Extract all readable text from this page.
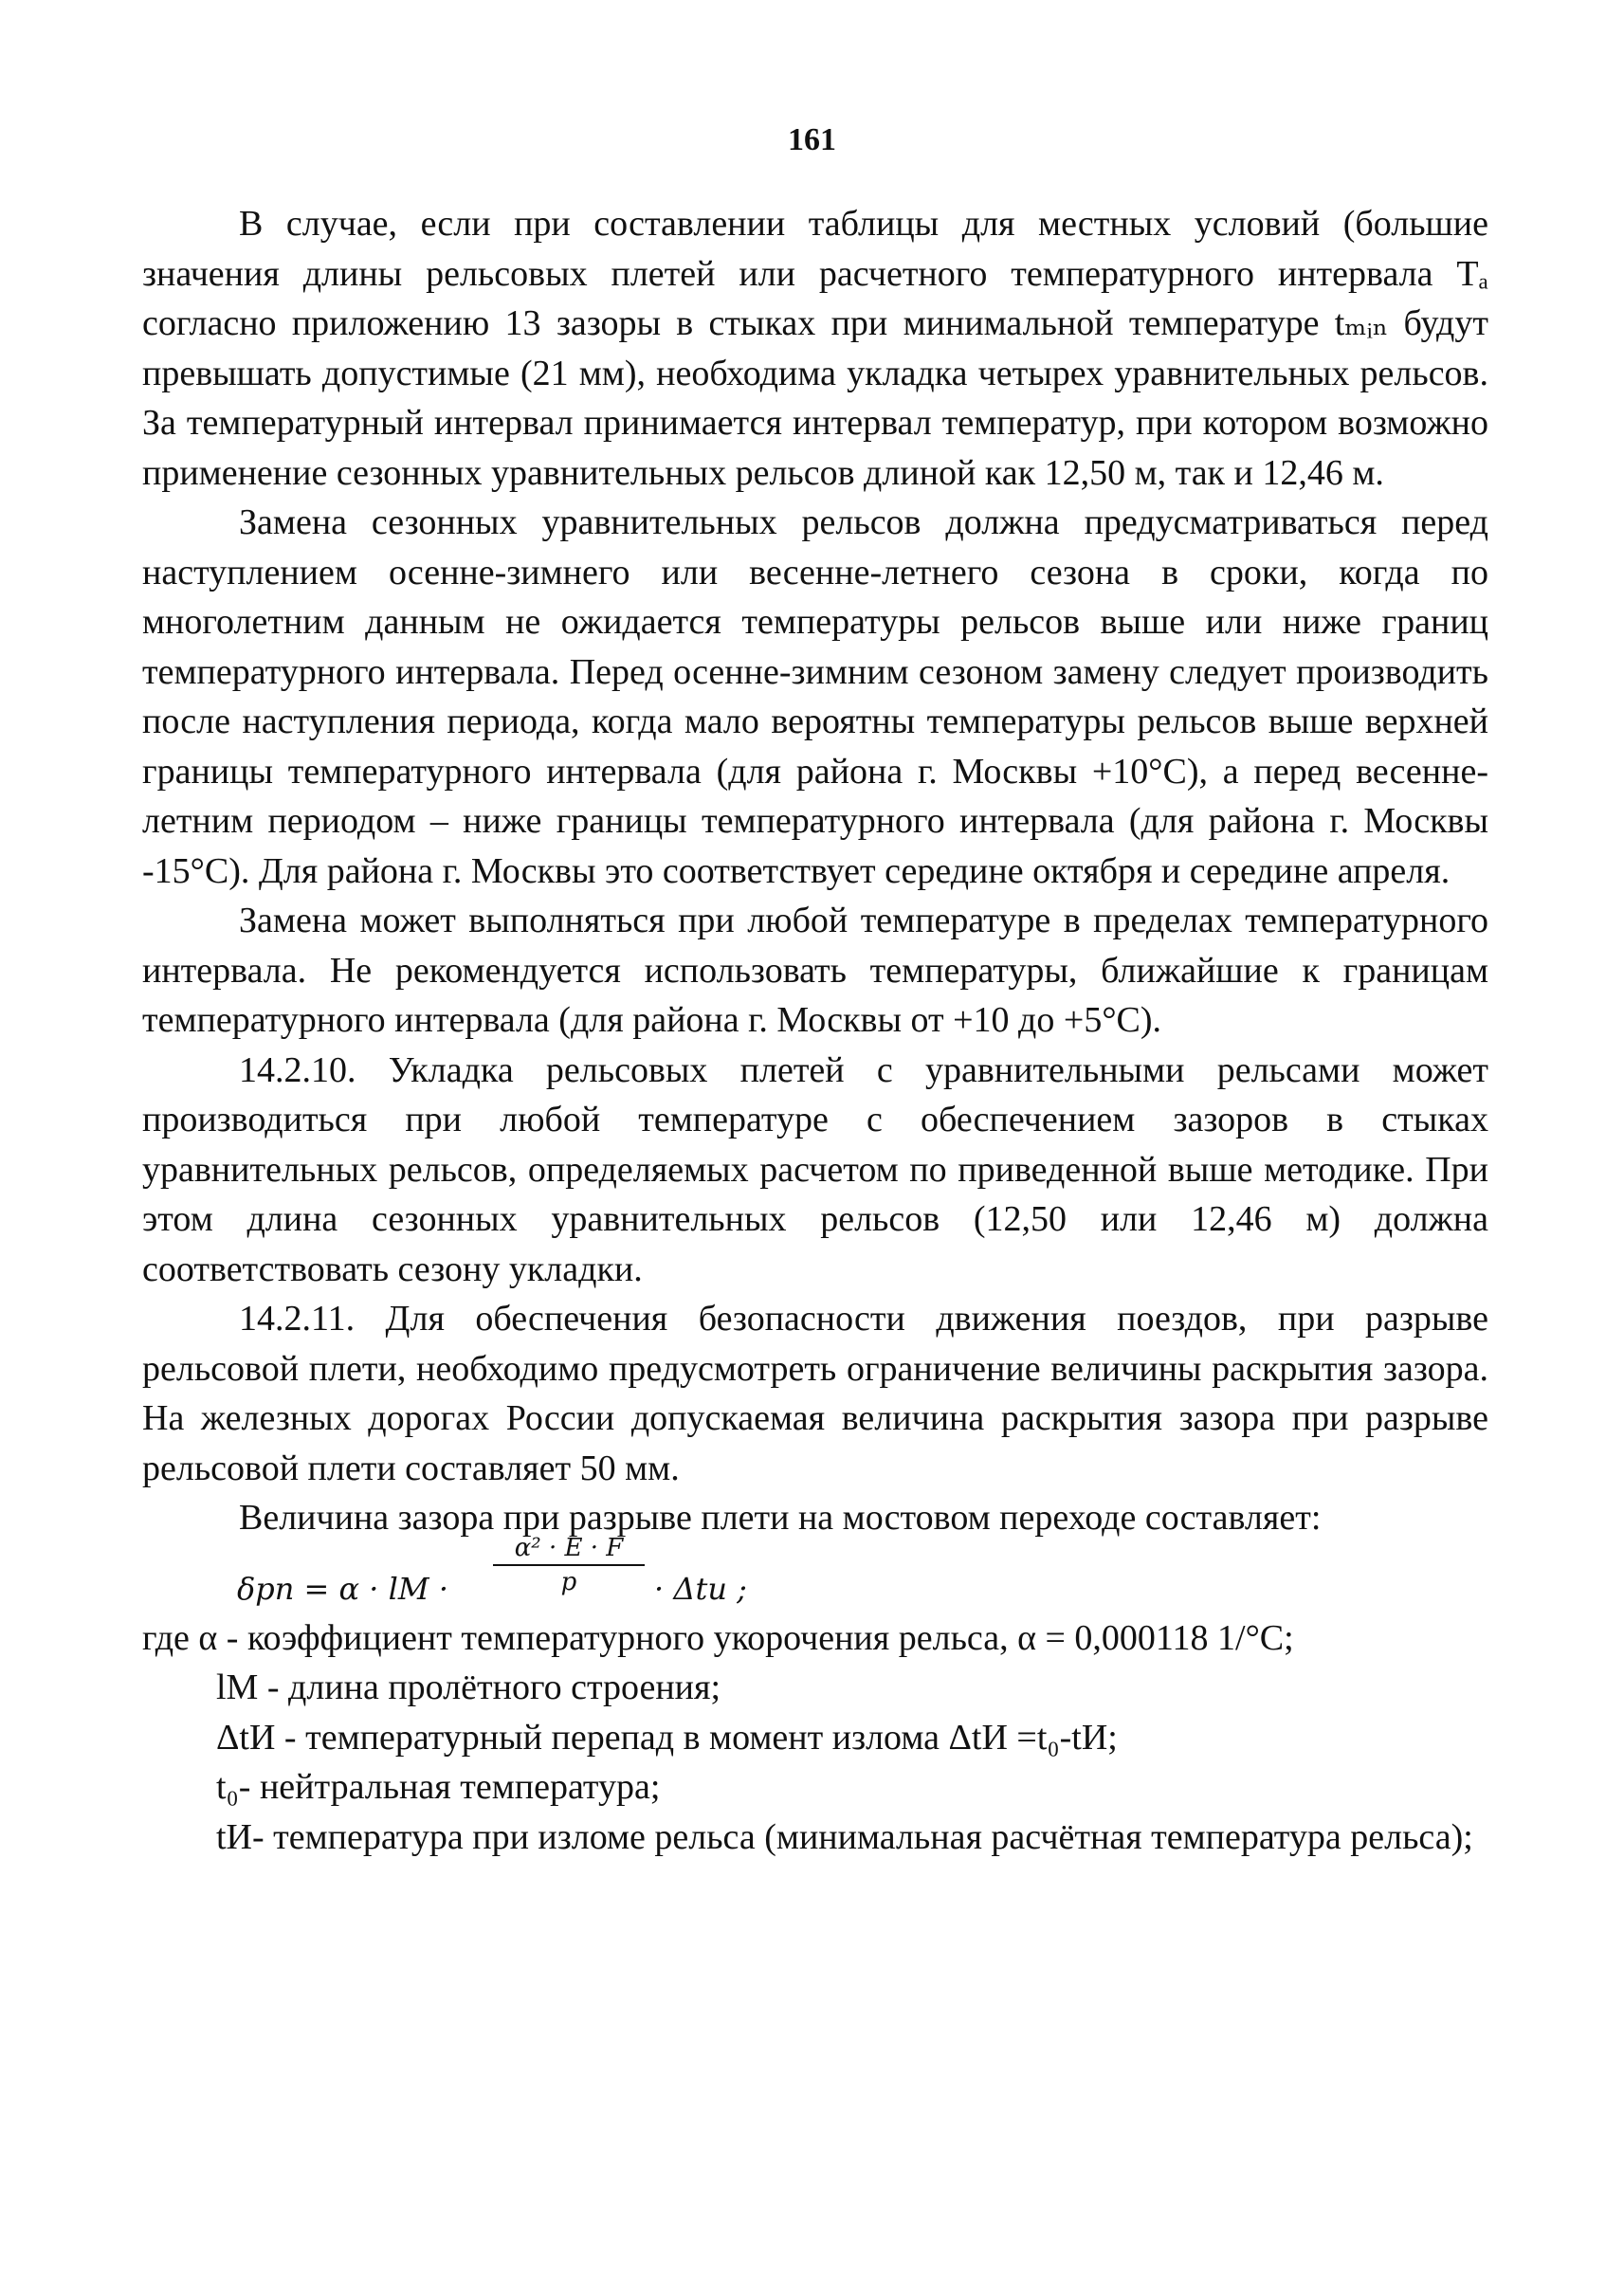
161

В случае, если при составлении таблицы для местных условий (большие значения длины рельсовых плетей или расчетного температурного интервала Tₐ согласно приложению 13 зазоры в стыках при минимальной температуре tₘᵢₙ будут превышать допустимые (21 мм), необходима укладка четырех уравнительных рельсов. За температурный интервал принимается интервал температур, при котором возможно применение сезонных уравнительных рельсов длиной как 12,50 м, так и 12,46 м.

Замена сезонных уравнительных рельсов должна предусматриваться перед наступлением осенне-зимнего или весенне-летнего сезона в сроки, когда по многолетним данным не ожидается температуры рельсов выше или ниже границ температурного интервала. Перед осенне-зимним сезоном замену следует производить после наступления периода, когда мало вероятны температуры рельсов выше верхней границы температурного интервала (для района г. Москвы +10°C), а перед весенне-летним периодом – ниже границы температурного интервала (для района г. Москвы -15°C). Для района г. Москвы это соответствует середине октября и середине апреля.

Замена может выполняться при любой температуре в пределах температурного интервала. Не рекомендуется использовать температуры, ближайшие к границам температурного интервала (для района г. Москвы от +10 до +5°C).

14.2.10. Укладка рельсовых плетей с уравнительными рельсами может производиться при любой температуре с обеспечением зазоров в стыках уравнительных рельсов, определяемых расчетом по приведенной выше методике. При этом длина сезонных уравнительных рельсов (12,50 или 12,46 м) должна соответствовать сезону укладки.

14.2.11. Для обеспечения безопасности движения поездов, при разрыве рельсовой плети, необходимо предусмотреть ограничение величины раскрытия зазора. На железных дорогах России допускаемая величина раскрытия зазора при разрыве рельсовой плети составляет 50 мм.

Величина зазора при разрыве плети на мостовом переходе составляет:

δрп = α · lМ ·
α² · E · F
p	· Δtи ;
где α - коэффициент температурного укорочения рельса, α = 0,000118 1/°C;
lМ - длина пролётного строения;
ΔtИ - температурный перепад в момент излома ΔtИ =t₀-tИ;
t₀- нейтральная температура;

tИ- температура при изломе рельса (минимальная расчётная температура рельса);
